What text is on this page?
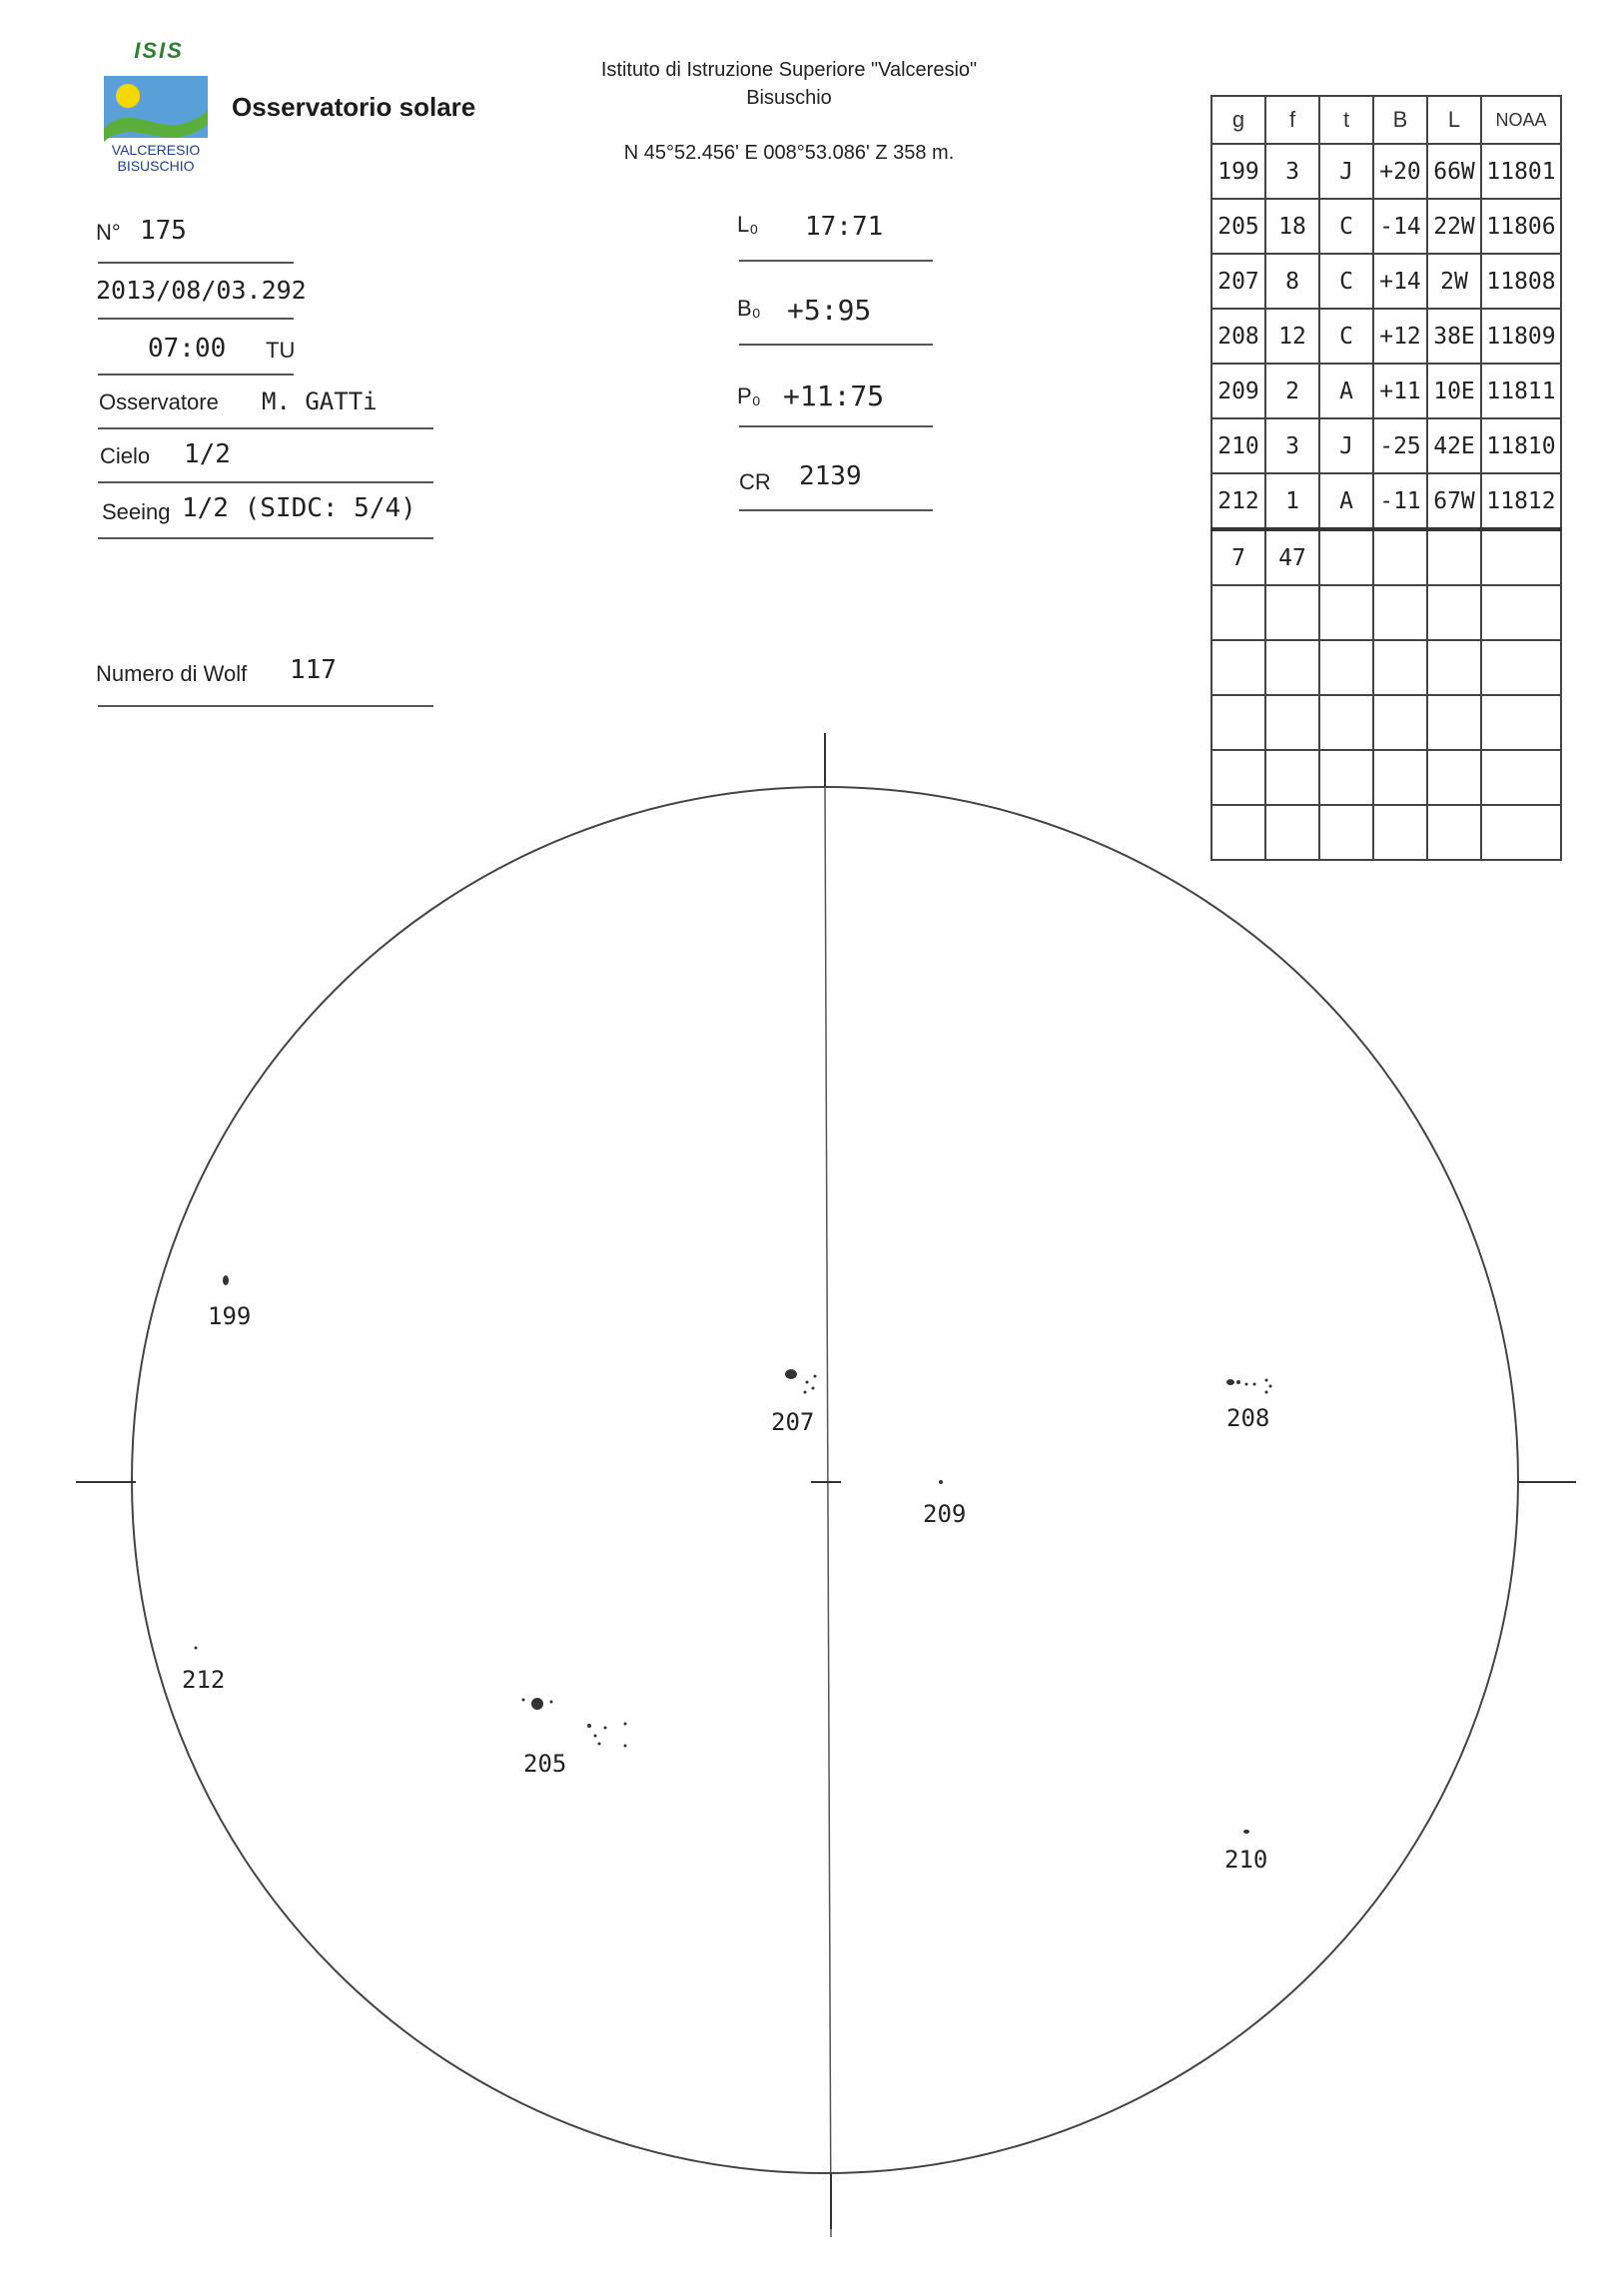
ISIS
VALCERESIO
BISUSCHIO
Osservatorio solare
Istituto di Istruzione Superiore "Valceresio"
Bisuschio
N 45°52.456' E 008°53.086' Z 358 m.
N° 175
2013/08/03.292
07:00 TU
Osservatore M. GATTi
Cielo 1/2
Seeing 1/2 (SIDC: 5/4)
Numero di Wolf 117
L₀ 17:71
B₀ +5:95
P₀ +11:75
CR 2139
g	f	t	B	L	NOAA
199	3	J	+20	66W	11801
205	18	C	-14	22W	11806
207	8	C	+14	2W	11808
208	12	C	+12	38E	11809
209	2	A	+11	10E	11811
210	3	J	-25	42E	11810
212	1	A	-11	67W	11812
7	47				

199
207	208
209
212
205
210
